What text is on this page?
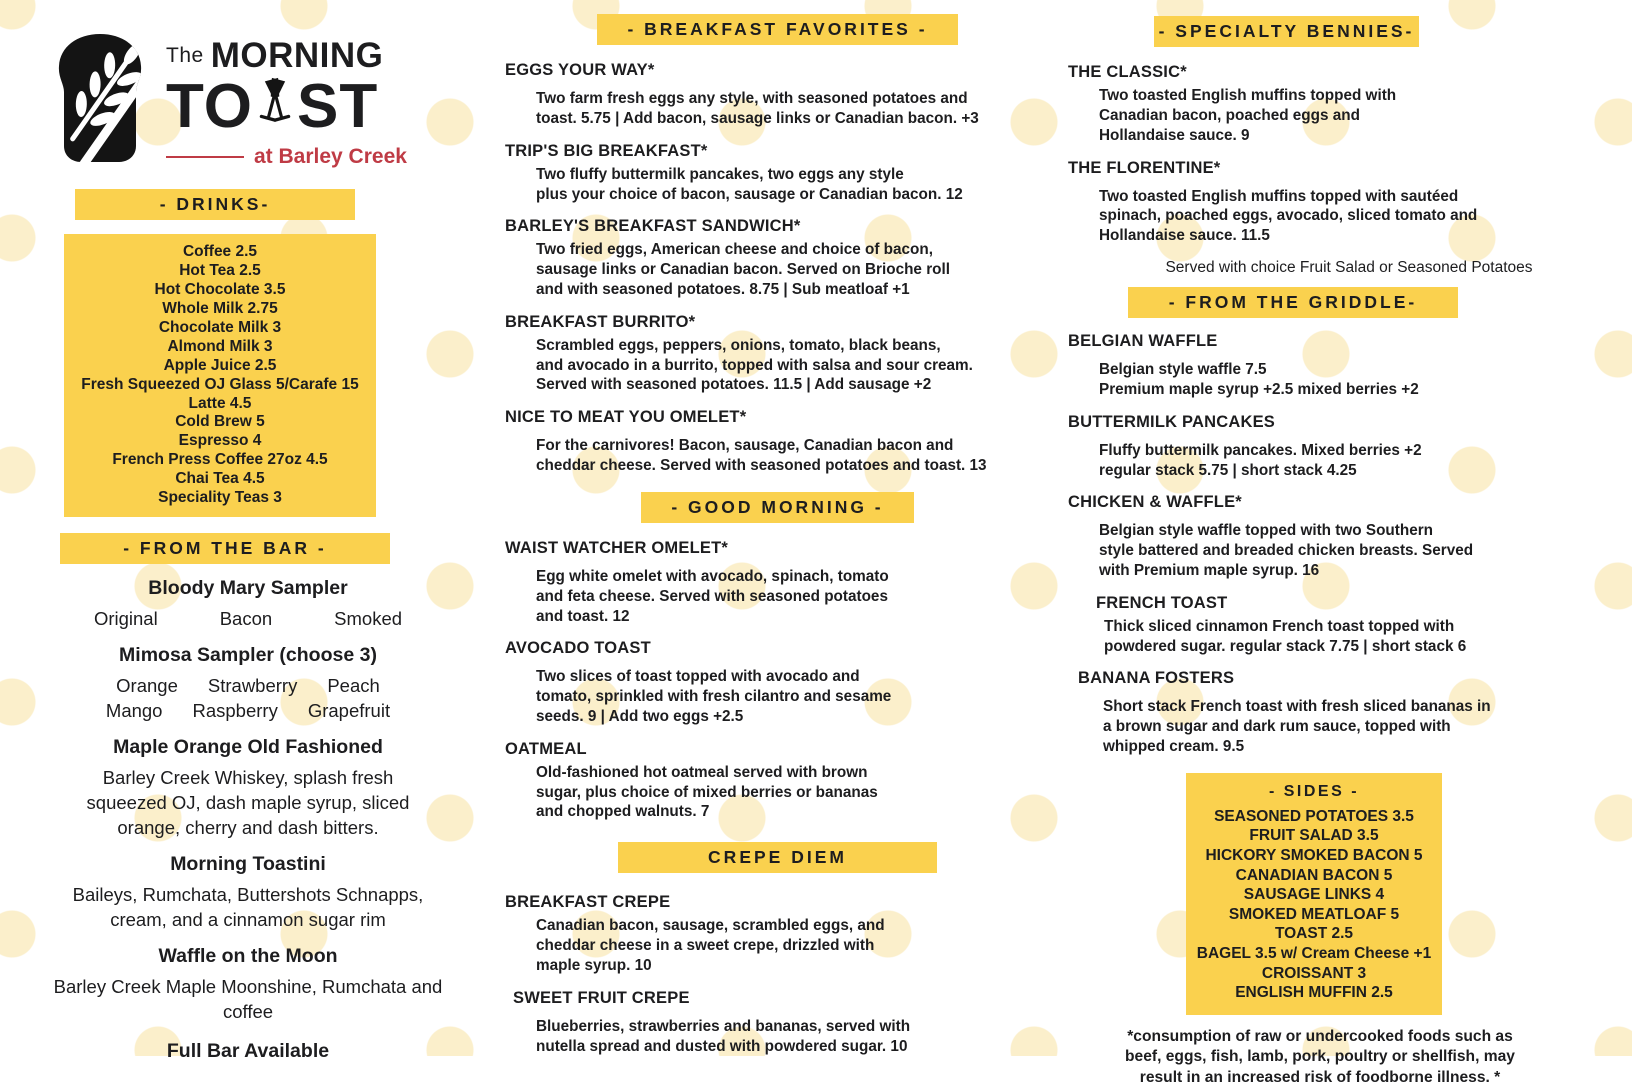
The MORNING
TO ST
at Barley Creek
- DRINKS-
Coffee 2.5
Hot Tea 2.5
Hot Chocolate 3.5
Whole Milk 2.75
Chocolate Milk 3
Almond Milk 3
Apple Juice 2.5
Fresh Squeezed OJ Glass 5/Carafe 15
Latte 4.5
Cold Brew 5
Espresso 4
French Press Coffee 27oz 4.5
Chai Tea 4.5
Speciality Teas 3
- FROM THE BAR -
Bloody Mary Sampler
Original	Bacon	Smoked
Mimosa Sampler (choose 3)
Orange Strawberry Peach
Mango Raspberry Grapefruit
Maple Orange Old Fashioned
Barley Creek Whiskey, splash fresh
squeezed OJ, dash maple syrup, sliced
orange, cherry and dash bitters.
Morning Toastini
Baileys, Rumchata, Buttershots Schnapps,
cream, and a cinnamon sugar rim
Waffle on the Moon
Barley Creek Maple Moonshine, Rumchata and
coffee
Full Bar Available
- BREAKFAST FAVORITES -
EGGS YOUR WAY*
Two farm fresh eggs any style, with seasoned potatoes and
toast. 5.75 | Add bacon, sausage links or Canadian bacon. +3
TRIP'S BIG BREAKFAST*
Two fluffy buttermilk pancakes, two eggs any style
plus your choice of bacon, sausage or Canadian bacon. 12
BARLEY'S BREAKFAST SANDWICH*
Two fried eggs, American cheese and choice of bacon,
sausage links or Canadian bacon. Served on Brioche roll
and with seasoned potatoes. 8.75 | Sub meatloaf +1
BREAKFAST BURRITO*
Scrambled eggs, peppers, onions, tomato, black beans,
and avocado in a burrito, topped with salsa and sour cream.
Served with seasoned potatoes. 11.5 | Add sausage +2
NICE TO MEAT YOU OMELET*
For the carnivores! Bacon, sausage, Canadian bacon and
cheddar cheese. Served with seasoned potatoes and toast. 13
- GOOD MORNING -
WAIST WATCHER OMELET*
Egg white omelet with avocado, spinach, tomato
and feta cheese. Served with seasoned potatoes
and toast. 12
AVOCADO TOAST
Two slices of toast topped with avocado and
tomato, sprinkled with fresh cilantro and sesame
seeds. 9 | Add two eggs +2.5
OATMEAL
Old-fashioned hot oatmeal served with brown
sugar, plus choice of mixed berries or bananas
and chopped walnuts. 7
CREPE DIEM
BREAKFAST CREPE
Canadian bacon, sausage, scrambled eggs, and
cheddar cheese in a sweet crepe, drizzled with
maple syrup. 10
SWEET FRUIT CREPE
Blueberries, strawberries and bananas, served with
nutella spread and dusted with powdered sugar. 10
- SPECIALTY BENNIES-
THE CLASSIC*
Two toasted English muffins topped with
Canadian bacon, poached eggs and
Hollandaise sauce. 9
THE FLORENTINE*
Two toasted English muffins topped with sautéed
spinach, poached eggs, avocado, sliced tomato and
Hollandaise sauce. 11.5
Served with choice Fruit Salad or Seasoned Potatoes
- FROM THE GRIDDLE-
BELGIAN WAFFLE
Belgian style waffle 7.5
Premium maple syrup +2.5 mixed berries +2
BUTTERMILK PANCAKES
Fluffy buttermilk pancakes. Mixed berries +2
regular stack 5.75 | short stack 4.25
CHICKEN & WAFFLE*
Belgian style waffle topped with two Southern
style battered and breaded chicken breasts. Served
with Premium maple syrup. 16
FRENCH TOAST
Thick sliced cinnamon French toast topped with
powdered sugar. regular stack 7.75 | short stack 6
BANANA FOSTERS
Short stack French toast with fresh sliced bananas in
a brown sugar and dark rum sauce, topped with
whipped cream. 9.5
- SIDES -
SEASONED POTATOES 3.5
FRUIT SALAD 3.5
HICKORY SMOKED BACON 5
CANADIAN BACON 5
SAUSAGE LINKS 4
SMOKED MEATLOAF 5
TOAST 2.5
BAGEL 3.5 w/ Cream Cheese +1
CROISSANT 3
ENGLISH MUFFIN 2.5
*consumption of raw or undercooked foods such as
beef, eggs, fish, lamb, pork, poultry or shellfish, may
result in an increased risk of foodborne illness. *
